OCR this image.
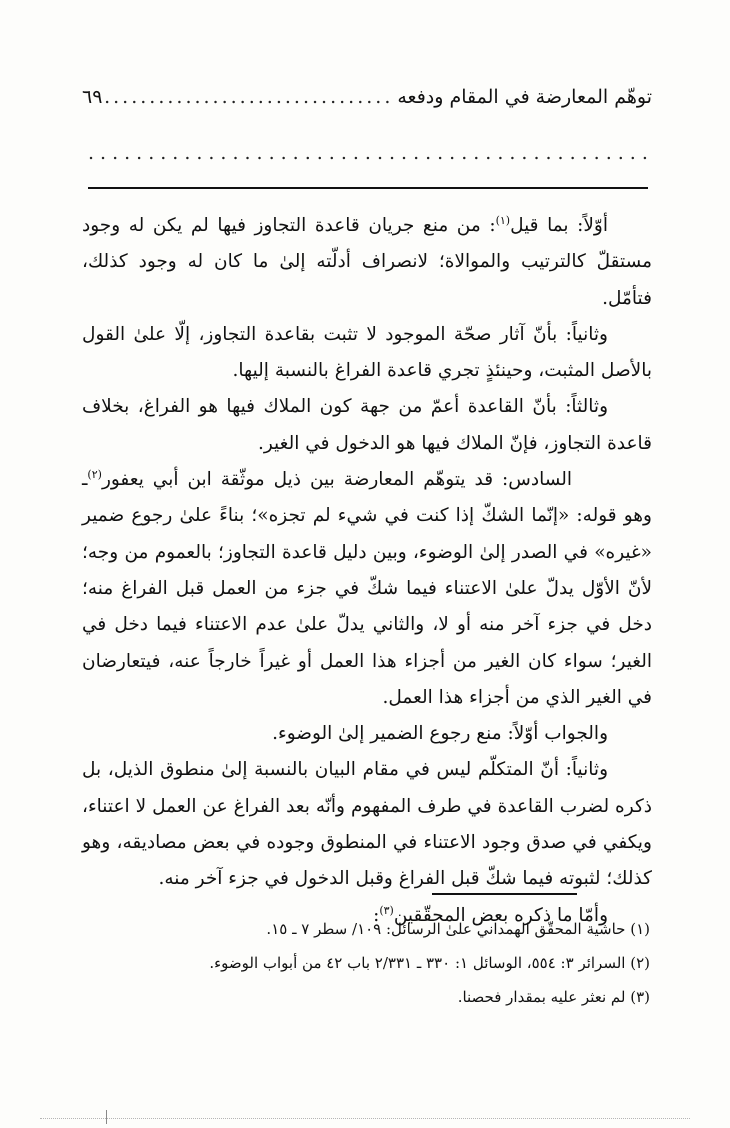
توهّم المعارضة في المقام ودفعه
.....
٦٩
.....

أوّلاً: بما قيل$^{(١)}$: من منع جريان قاعدة التجاوز فيها لم يكن له وجود مستقلّ كالترتيب والموالاة؛ لانصراف أدلّته إلىٰ ما كان له وجود كذلك، فتأمّل.

وثانياً: بأنّ آثار صحّة الموجود لا تثبت بقاعدة التجاوز، إلّا علىٰ القول بالأصل المثبت، وحينئذٍ تجري قاعدة الفراغ بالنسبة إليها.

وثالثاً: بأنّ القاعدة أعمّ من جهة كون الملاك فيها هو الفراغ، بخلاف قاعدة التجاوز، فإنّ الملاك فيها هو الدخول في الغير.

السادس: قد يتوهّم المعارضة بين ذيل موثّقة ابن أبي يعفور$^{(٢)}$ـ وهو قوله: «إنّما الشكّ إذا كنت في شيء لم تجزه»؛ بناءً علىٰ رجوع ضمير «غيره» في الصدر إلىٰ الوضوء، وبين دليل قاعدة التجاوز؛ بالعموم من وجه؛ لأنّ الأوّل يدلّ علىٰ الاعتناء فيما شكّ في جزء من العمل قبل الفراغ منه؛ دخل في جزء آخر منه أو لا، والثاني يدلّ علىٰ عدم الاعتناء فيما دخل في الغير؛ سواء كان الغير من أجزاء هذا العمل أو غيراً خارجاً عنه، فيتعارضان في الغير الذي من أجزاء هذا العمل.

والجواب أوّلاً: منع رجوع الضمير إلىٰ الوضوء.

وثانياً: أنّ المتكلّم ليس في مقام البيان بالنسبة إلىٰ منطوق الذيل، بل ذكره لضرب القاعدة في طرف المفهوم وأنّه بعد الفراغ عن العمل لا اعتناء، ويكفي في صدق وجود الاعتناء في المنطوق وجوده في بعض مصاديقه، وهو كذلك؛ لثبوته فيما شكّ قبل الفراغ وقبل الدخول في جزء آخر منه.

وأمّا ما ذكره بعض المحقّقين$^{(٣)}$:

(١) حاشية المحقّق الهمداني علىٰ الرسائل: ١٠٩/ سطر ٧ ـ ١٥.

(٢) السرائر ٣: ٥٥٤، الوسائل ١: ٣٣٠ ـ ٢/٣٣١ باب ٤٢ من أبواب الوضوء.

(٣) لم نعثر عليه بمقدار فحصنا.
